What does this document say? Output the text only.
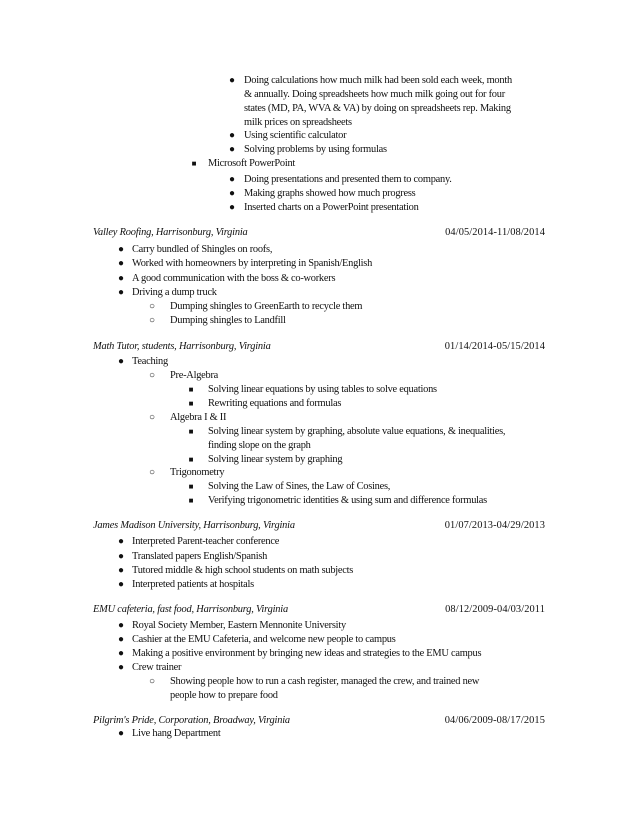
● Doing calculations how much milk had been sold each week, month
& annually. Doing spreadsheets how much milk going out for four
states (MD, PA, WVA & VA) by doing on spreadsheets rep. Making
milk prices on spreadsheets
● Using scientific calculator
● Solving problems by using formulas
■	Microsoft PowerPoint
● Doing presentations and presented them to company.
● Making graphs showed how much progress
● Inserted charts on a PowerPoint presentation
Valley Roofing, Harrisonburg, Virginia	04/05/2014-11/08/2014
● Carry bundled of Shingles on roofs,
● Worked with homeowners by interpreting in Spanish/English
● A good communication with the boss & co-workers
● Driving a dump truck
○ Dumping shingles to GreenEarth to recycle them
○ Dumping shingles to Landfill
Math Tutor, students, Harrisonburg, Virginia	01/14/2014-05/15/2014
● Teaching
○ Pre-Algebra
■	Solving linear equations by using tables to solve equations
■	Rewriting equations and formulas
○ Algebra I & II
■	Solving linear system by graphing, absolute value equations, & inequalities,
finding slope on the graph
■	Solving linear system by graphing
○ Trigonometry
■	Solving the Law of Sines, the Law of Cosines,
■	Verifying trigonometric identities & using sum and difference formulas
James Madison University, Harrisonburg, Virginia	01/07/2013-04/29/2013
● Interpreted Parent-teacher conference
● Translated papers English/Spanish
● Tutored middle & high school students on math subjects
● Interpreted patients at hospitals
EMU cafeteria, fast food, Harrisonburg, Virginia	08/12/2009-04/03/2011
● Royal Society Member, Eastern Mennonite University
● Cashier at the EMU Cafeteria, and welcome new people to campus
● Making a positive environment by bringing new ideas and strategies to the EMU campus
● Crew trainer
○ Showing people how to run a cash register, managed the crew, and trained new
people how to prepare food
Pilgrim's Pride, Corporation, Broadway, Virginia	04/06/2009-08/17/2015
● Live hang Department
